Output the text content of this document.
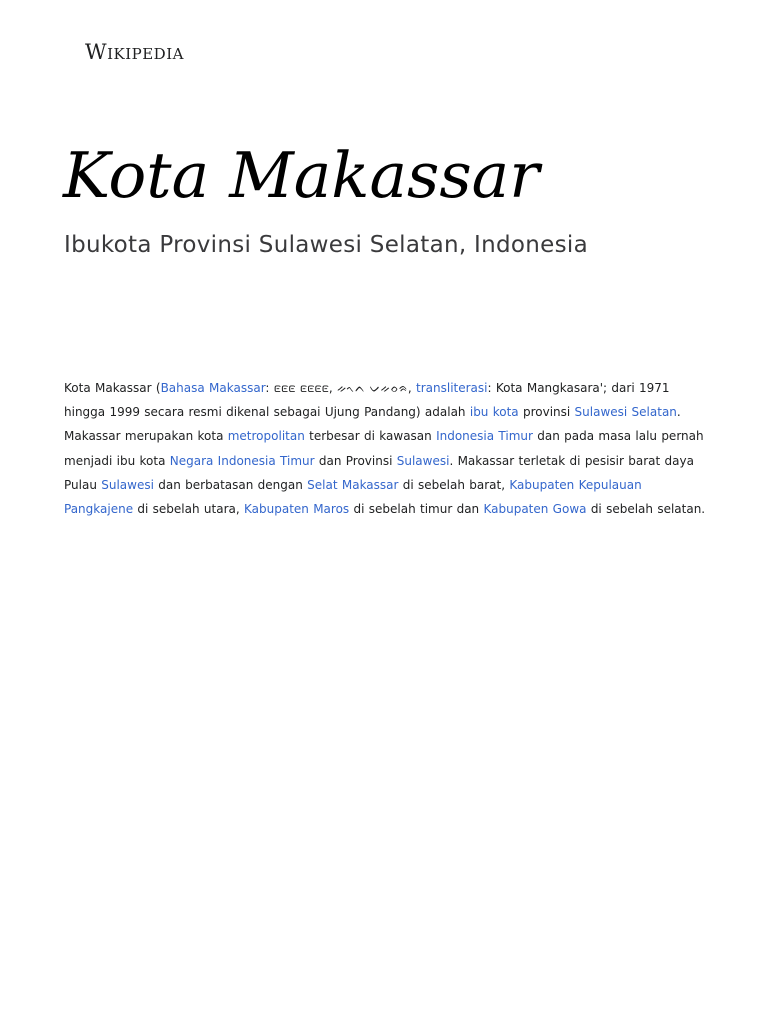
Wikipedia
Kota Makassar
Ibukota Provinsi Sulawesi Selatan, Indonesia

Kota Makassar (Bahasa Makassar: 𑼙𑼙𑼙 𑼙𑼙𑼙𑼙, ᨀᨚᨈ ᨆᨀᨔᨑ, transliterasi: Kota Mangkasara'; dari 1971 hingga 1999 secara resmi dikenal sebagai Ujung Pandang) adalah ibu kota provinsi Sulawesi Selatan. Makassar merupakan kota metropolitan terbesar di kawasan Indonesia Timur dan pada masa lalu pernah menjadi ibu kota Negara Indonesia Timur dan Provinsi Sulawesi. Makassar terletak di pesisir barat daya Pulau Sulawesi dan berbatasan dengan Selat Makassar di sebelah barat, Kabupaten Kepulauan Pangkajene di sebelah utara, Kabupaten Maros di sebelah timur dan Kabupaten Gowa di sebelah selatan.
